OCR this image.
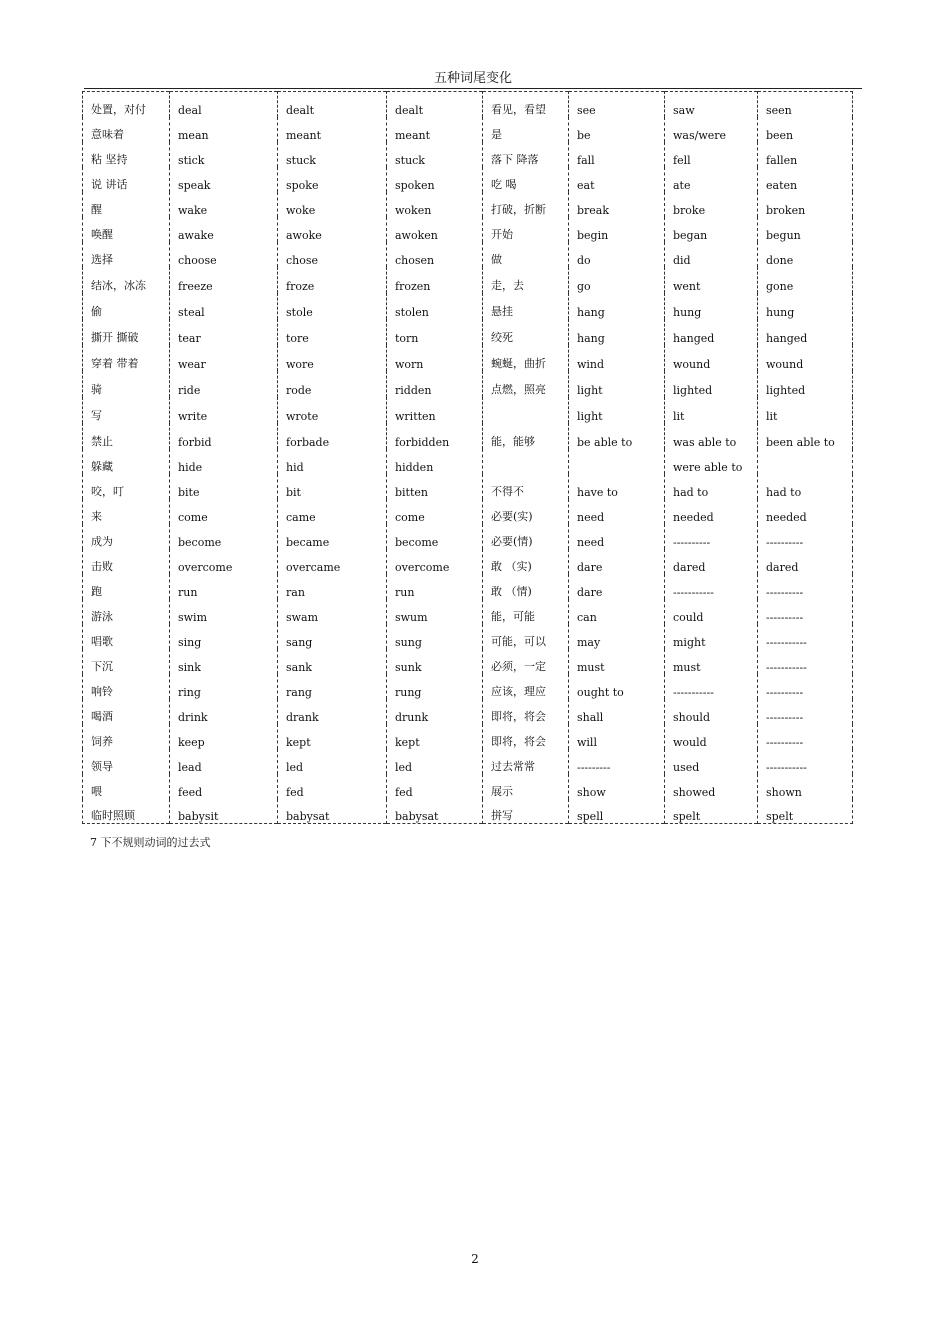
五种词尾变化
处置，对付	deal	dealt	dealt	看见，看望	see	saw	seen
意味着	mean	meant	meant	是	be	was/were	been
粘 坚持	stick	stuck	stuck	落下 降落	fall	fell	fallen
说 讲话	speak	spoke	spoken	吃 喝	eat	ate	eaten
醒	wake	woke	woken	打破，折断	break	broke	broken
唤醒	awake	awoke	awoken	开始	begin	began	begun
选择	choose	chose	chosen	做	do	did	done
结冰，冰冻	freeze	froze	frozen	走，去	go	went	gone
偷	steal	stole	stolen	悬挂	hang	hung	hung
撕开 撕破	tear	tore	torn	绞死	hang	hanged	hanged
穿着 带着	wear	wore	worn	蜿蜒，曲折	wind	wound	wound
骑	ride	rode	ridden	点燃，照亮	light	lighted	lighted
写	write	wrote	written		light	lit	lit
禁止	forbid	forbade	forbidden	能，能够	be able to	was able to	been able to
躲藏	hide	hid	hidden			were able to	
咬，叮	bite	bit	bitten	不得不	have to	had to	had to
来	come	came	come	必要(实)	need	needed	needed
成为	become	became	become	必要(情)	need	----------	----------
击败	overcome	overcame	overcome	敢 （实)	dare	dared	dared
跑	run	ran	run	敢 （情)	dare	-----------	----------
游泳	swim	swam	swum	能，可能	can	could	----------
唱歌	sing	sang	sung	可能，可以	may	might	-----------
下沉	sink	sank	sunk	必须，一定	must	must	-----------
响铃	ring	rang	rung	应该，理应	ought to	-----------	----------
喝酒	drink	drank	drunk	即将，将会	shall	should	----------
饲养	keep	kept	kept	即将，将会	will	would	----------
领导	lead	led	led	过去常常	---------	used	-----------
喂	feed	fed	fed	展示	show	showed	shown
临时照顾	babysit	babysat	babysat	拼写	spell	spelt	spelt
7 下不规则动词的过去式
2
